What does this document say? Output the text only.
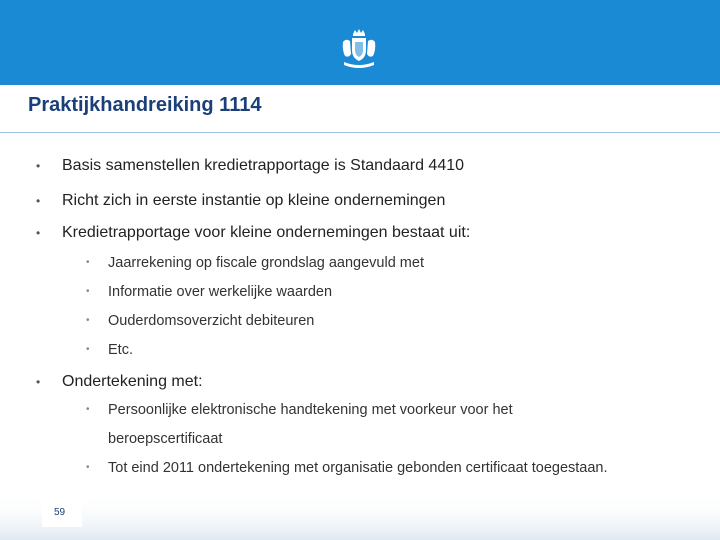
Praktijkhandreiking 1114
• Basis samenstellen kredietrapportage is Standaard 4410
• Richt zich in eerste instantie op kleine ondernemingen
• Kredietrapportage voor kleine ondernemingen bestaat uit:
• Jaarrekening op fiscale grondslag aangevuld met
• Informatie over werkelijke waarden
• Ouderdomsoverzicht debiteuren
• Etc.
• Ondertekening met:
• Persoonlijke elektronische handtekening met voorkeur voor het
beroepscertificaat
• Tot eind 2011 ondertekening met organisatie gebonden certificaat toegestaan.
59
